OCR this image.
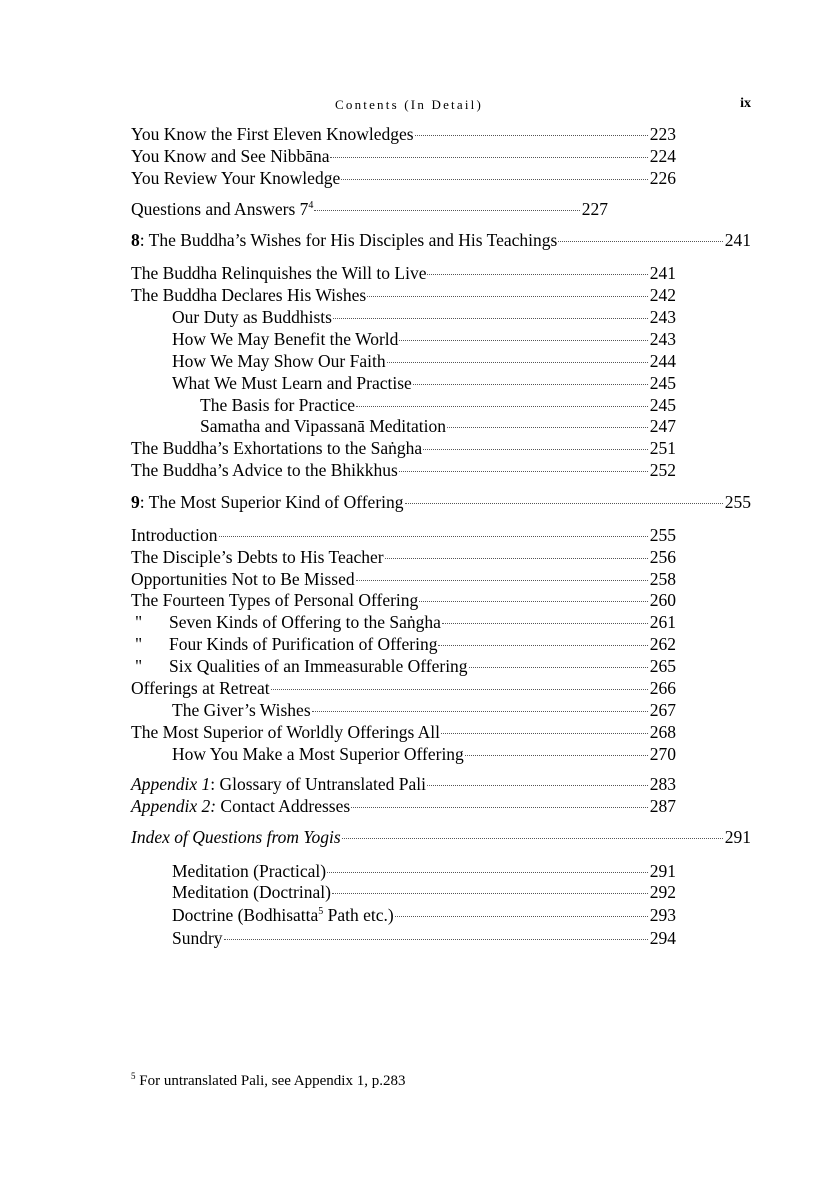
Contents (In Detail)	ix
You Know the First Eleven Knowledges	223
You Know and See Nibbāna	224
You Review Your Knowledge	226
Questions and Answers $7^4$	227
8: The Buddha’s Wishes for His Disciples and His Teachings	241
The Buddha Relinquishes the Will to Live	241
The Buddha Declares His Wishes	242
Our Duty as Buddhists	243
How We May Benefit the World	243
How We May Show Our Faith	244
What We Must Learn and Practise	245
The Basis for Practice	245
Samatha and Vipassanā Meditation	247
The Buddha’s Exhortations to the Saṅgha	251
The Buddha’s Advice to the Bhikkhus	252
9: The Most Superior Kind of Offering	255
Introduction	255
The Disciple’s Debts to His Teacher	256
Opportunities Not to Be Missed	258
The Fourteen Types of Personal Offering	260
" Seven Kinds of Offering to the Saṅgha	261
" Four Kinds of Purification of Offering	262
" Six Qualities of an Immeasurable Offering	265
Offerings at Retreat	266
The Giver’s Wishes	267
The Most Superior of Worldly Offerings All	268
How You Make a Most Superior Offering	270
Appendix 1: Glossary of Untranslated Pali	283
Appendix 2: Contact Addresses	287
Index of Questions from Yogis	291
Meditation (Practical)	291
Meditation (Doctrinal)	292
Doctrine (Bodhisatta$^5$ Path etc.)	293
Sundry	294
$^5$ For untranslated Pali, see Appendix 1, p.283
